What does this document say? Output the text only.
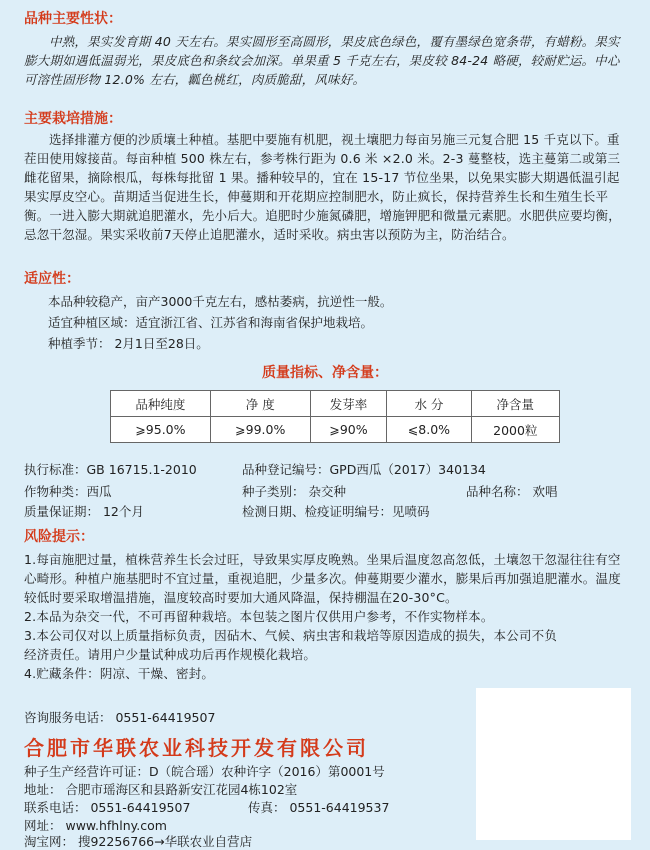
品种主要性状：

中熟，果实发育期 40 天左右。果实圆形至高圆形，果皮底色绿色，覆有墨绿色宽条带，有蜡粉。果实膨大期如遇低温弱光，果皮底色和条纹会加深。单果重 5 千克左右，果皮较 84-24 略硬，较耐贮运。中心可溶性固形物 12.0% 左右，瓤色桃红，肉质脆甜，风味好。

主要栽培措施：

选择排灌方便的沙质壤土种植。基肥中要施有机肥，视土壤肥力每亩另施三元复合肥 15 千克以下。重茬田使用嫁接苗。每亩种植 500 株左右，参考株行距为 0.6 米 ×2.0 米。2-3 蔓整枝，选主蔓第二或第三雌花留果，摘除根瓜，每株每批留 1 果。播种较早的，宜在 15-17 节位坐果，以免果实膨大期遇低温引起果实厚皮空心。苗期适当促进生长，伸蔓期和开花期应控制肥水，防止疯长，保持营养生长和生殖生长平衡。一进入膨大期就追肥灌水，先小后大。追肥时少施氮磷肥，增施钾肥和微量元素肥。水肥供应要均衡，忌忽干忽湿。果实采收前7天停止追肥灌水，适时采收。病虫害以预防为主，防治结合。

适应性：
本品种较稳产，亩产3000千克左右，感枯萎病，抗逆性一般。
适宜种植区域：适宜浙江省、江苏省和海南省保护地栽培。
种植季节： 2月1日至28日。
质量指标、净含量：
品种纯度	净 度	发芽率	水 分	净含量
⩾95.0%	⩾99.0%	⩾90%	⩽8.0%	2000粒
执行标准：GB 16715.1-2010	品种登记编号：GPD西瓜（2017）340134
作物种类：西瓜	种子类别： 杂交种	品种名称： 欢唱
质量保证期： 12个月	检测日期、检疫证明编号：见喷码
风险提示：

1.每亩施肥过量，植株营养生长会过旺，导致果实厚皮晚熟。坐果后温度忽高忽低，土壤忽干忽湿往往有空心畸形。种植户施基肥时不宜过量，重视追肥，少量多次。伸蔓期要少灌水，膨果后再加强追肥灌水。温度较低时要采取增温措施，温度较高时要加大通风降温，保持棚温在20-30°C。

2.本品为杂交一代，不可再留种栽培。本包装之图片仅供用户参考，不作实物样本。

3.本公司仅对以上质量指标负责，因砧木、气候、病虫害和栽培等原因造成的损失，本公司不负经济责任。请用户少量试种成功后再作规模化栽培。

4.贮藏条件：阴凉、干燥、密封。

咨询服务电话： 0551-64419507
合肥市华联农业科技开发有限公司
种子生产经营许可证：D（皖合瑶）农种许字（2016）第0001号
地址： 合肥市瑶海区和县路新安江花园4栋102室
联系电话： 0551-64419507	传真： 0551-64419537
网址： www.hfhlny.com
淘宝网： 搜92256766→华联农业自营店
